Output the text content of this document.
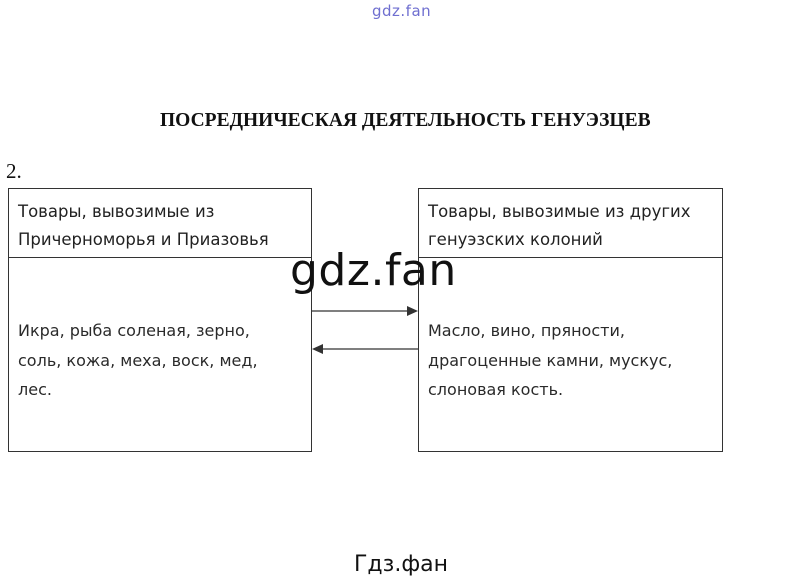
gdz.fan
ПОСРЕДНИЧЕСКАЯ ДЕЯТЕЛЬНОСТЬ ГЕНУЭЗЦЕВ
2.
Товары, вывозимые из
Причерноморья и Приазовья
Икра, рыба соленая, зерно,
соль, кожа, меха, воск, мед,
лес.
Товары, вывозимые из других
генуэзских колоний
Масло, вино, пряности,
драгоценные камни, мускус,
слоновая кость.
gdz.fan
Гдз.фан
